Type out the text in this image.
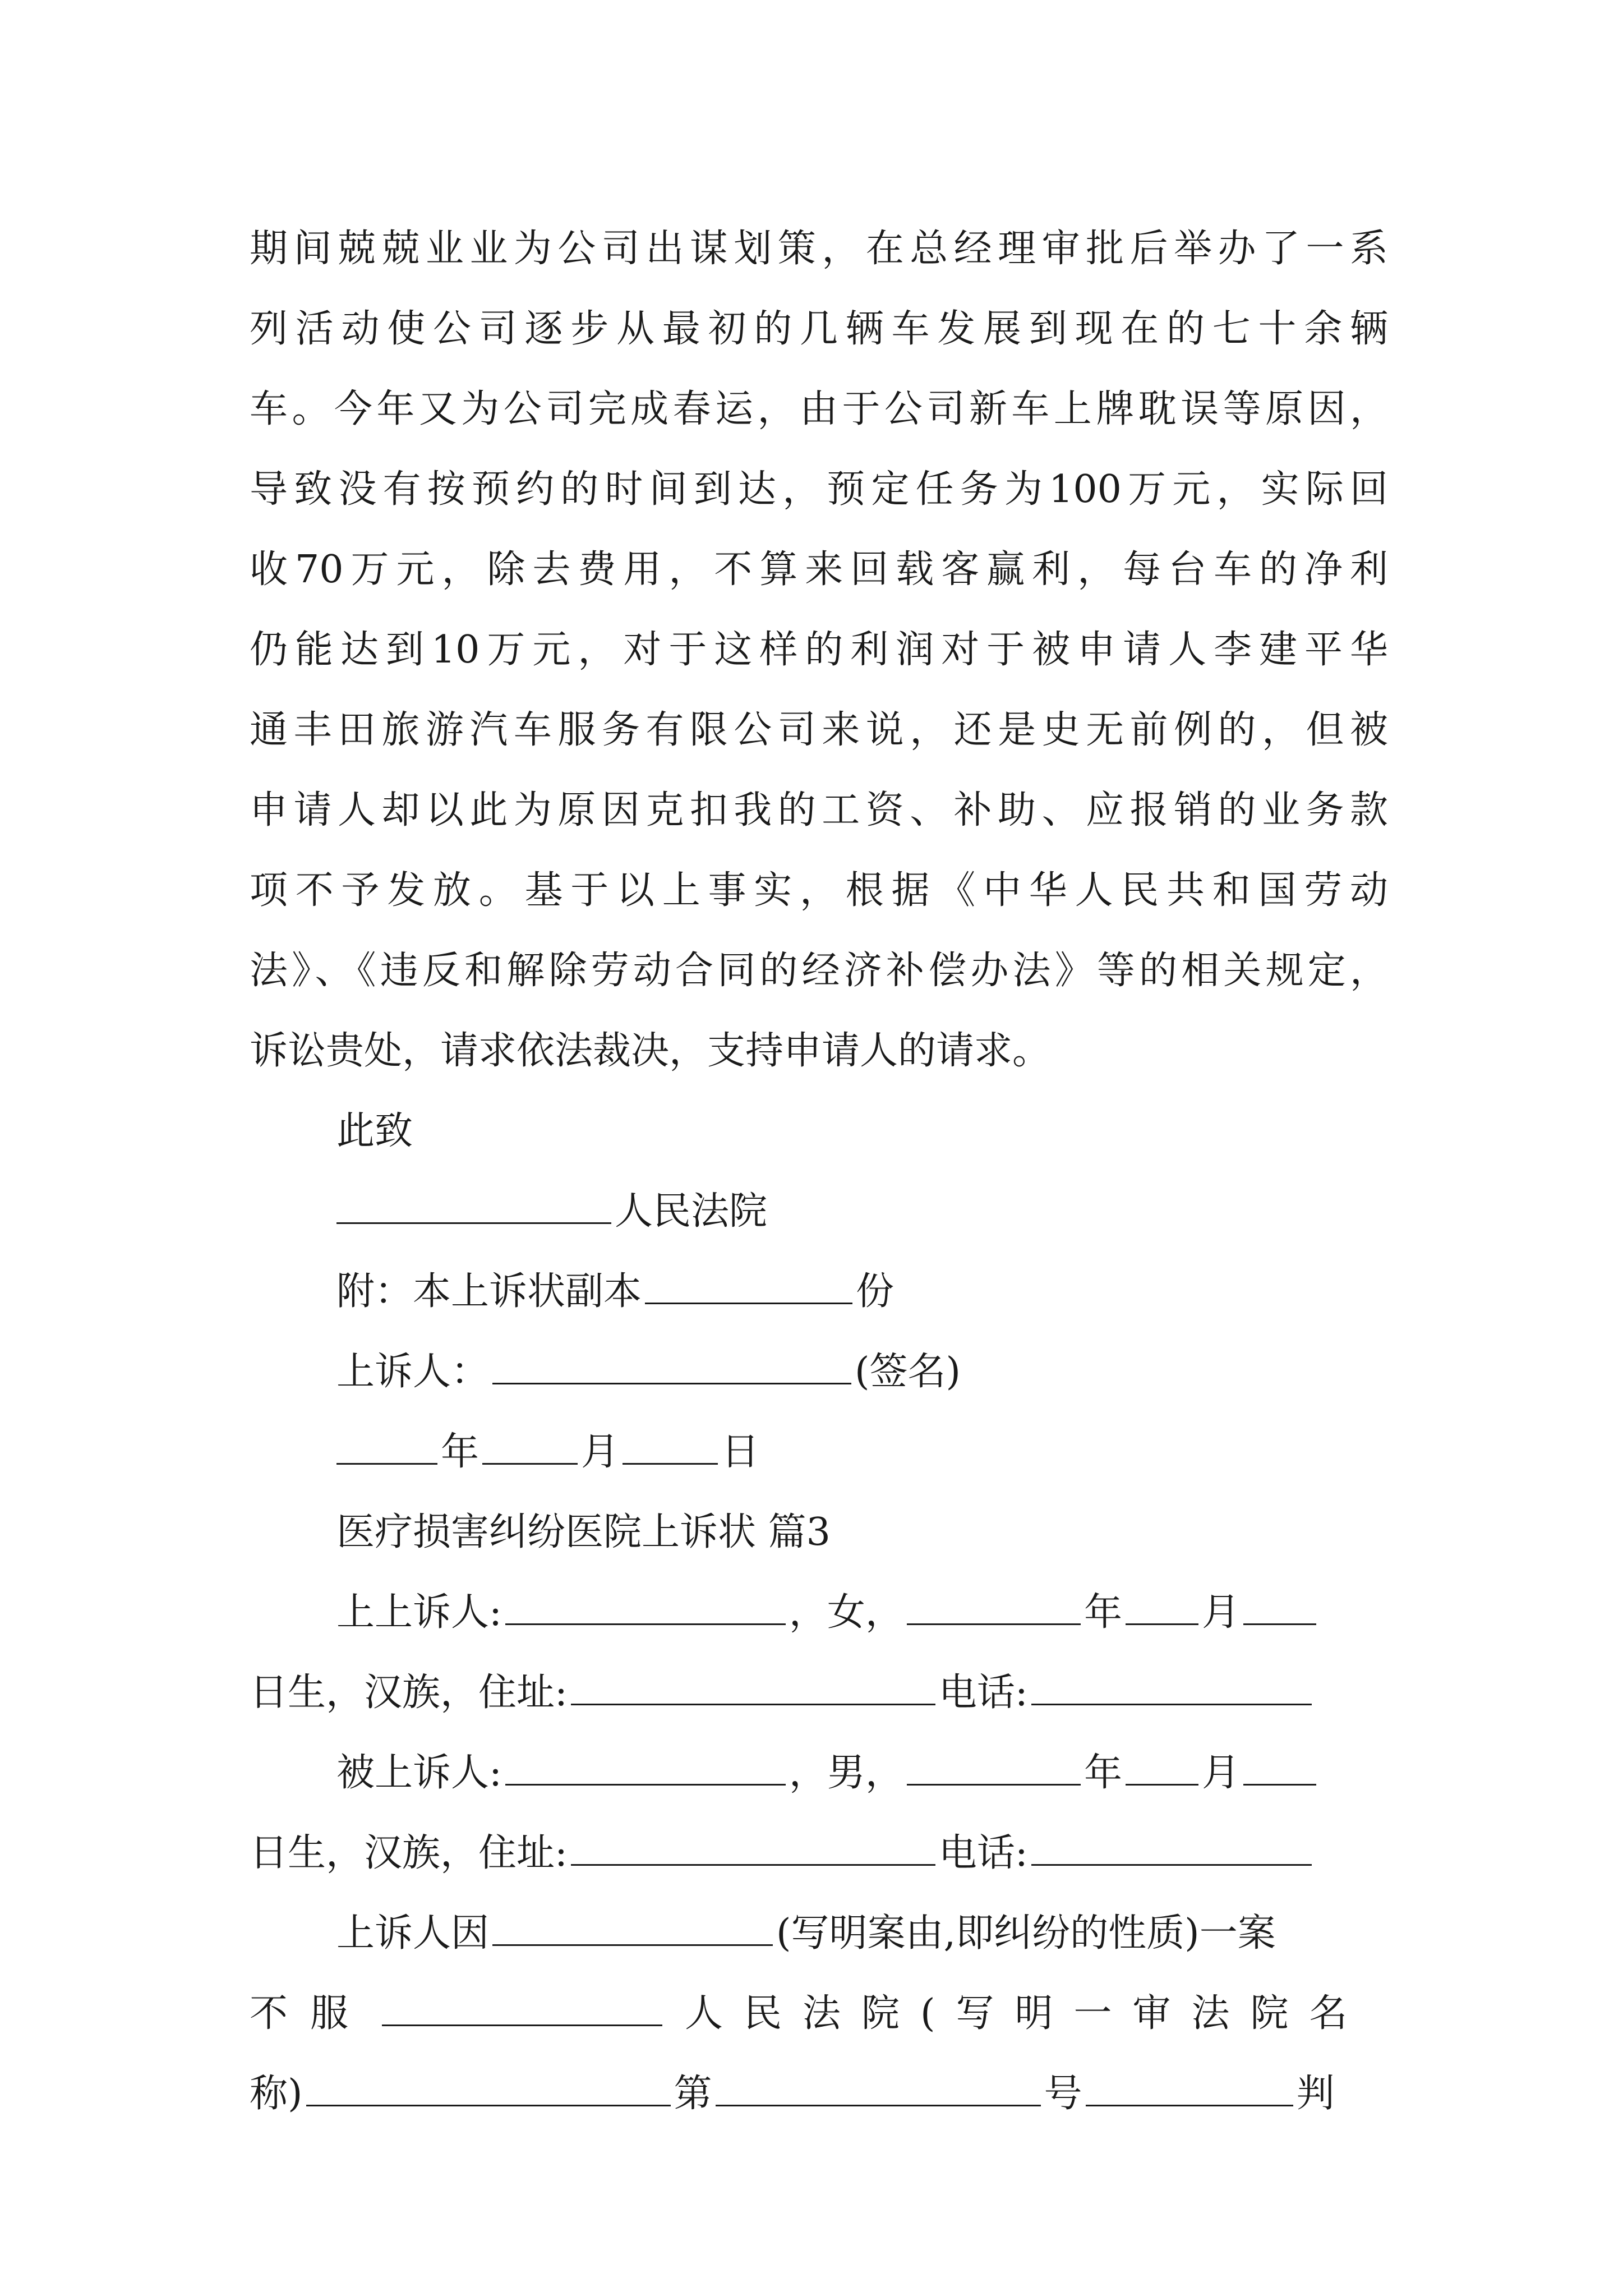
期间兢兢业业为公司出谋划策，在总经理审批后举办了一系
列活动使公司逐步从最初的几辆车发展到现在的七十余辆
车。今年又为公司完成春运，由于公司新车上牌耽误等原因，
导致没有按预约的时间到达，预定任务为100万元，实际回
收70万元，除去费用，不算来回载客赢利，每台车的净利
仍能达到10万元，对于这样的利润对于被申请人李建平华
通丰田旅游汽车服务有限公司来说，还是史无前例的，但被
申请人却以此为原因克扣我的工资、补助、应报销的业务款
项不予发放。基于以上事实，根据《中华人民共和国劳动
法》、《违反和解除劳动合同的经济补偿办法》等的相关规定，
诉讼贵处，请求依法裁决，支持申请人的请求。
此致
人民法院
附：本上诉状副本	份
上诉人：	(签名)
年	月	日
医疗损害纠纷医院上诉状 篇3
上上诉人:	，女，	年 月
日生，汉族，住址:	电话:
被上诉人:	，男，	年 月
日生，汉族，住址:	电话:
上诉人因	(写明案由,即纠纷的性质)一案
不服	人民法院(写明一审法院名
称)	第	号	判
